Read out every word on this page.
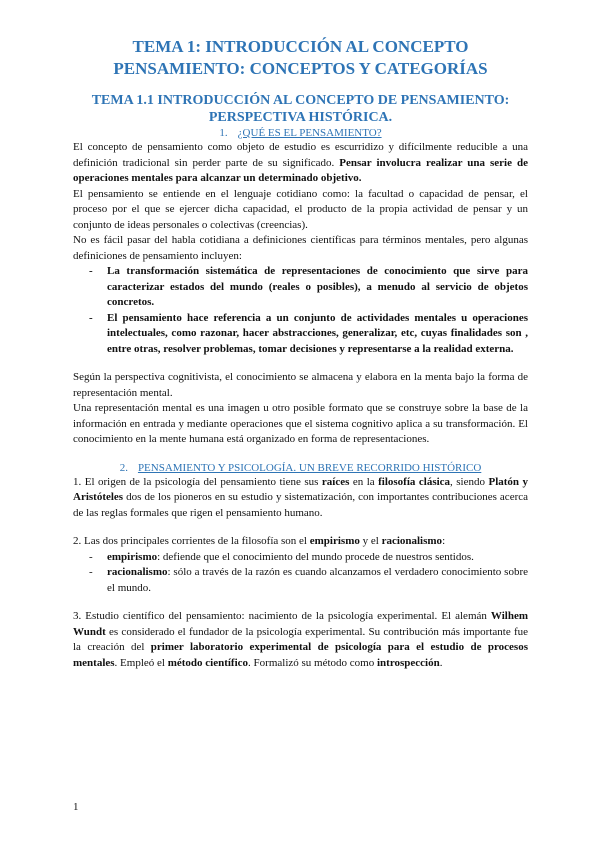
TEMA 1: INTRODUCCIÓN AL CONCEPTO PENSAMIENTO: CONCEPTOS Y CATEGORÍAS
TEMA 1.1 INTRODUCCIÓN AL CONCEPTO DE PENSAMIENTO: PERSPECTIVA HISTÓRICA.
1. ¿QUÉ ES EL PENSAMIENTO?

El concepto de pensamiento como objeto de estudio es escurridizo y difícilmente reducible a una definición tradicional sin perder parte de su significado. Pensar involucra realizar una serie de operaciones mentales para alcanzar un determinado objetivo.

El pensamiento se entiende en el lenguaje cotidiano como: la facultad o capacidad de pensar, el proceso por el que se ejercer dicha capacidad, el producto de la propia actividad de pensar y un conjunto de ideas personales o colectivas (creencias).

No es fácil pasar del habla cotidiana a definiciones científicas para términos mentales, pero algunas definiciones de pensamiento incluyen:

- La transformación sistemática de representaciones de conocimiento que sirve para caracterizar estados del mundo (reales o posibles), a menudo al servicio de objetos concretos.
- El pensamiento hace referencia a un conjunto de actividades mentales u operaciones intelectuales, como razonar, hacer abstracciones, generalizar, etc, cuyas finalidades son , entre otras, resolver problemas, tomar decisiones y representarse a la realidad externa.

Según la perspectiva cognitivista, el conocimiento se almacena y elabora en la menta bajo la forma de representación mental.

Una representación mental es una imagen u otro posible formato que se construye sobre la base de la información en entrada y mediante operaciones que el sistema cognitivo aplica a su transformación. El conocimiento en la mente humana está organizado en forma de representaciones.

2. PENSAMIENTO Y PSICOLOGÍA. UN BREVE RECORRIDO HISTÓRICO

1. El origen de la psicología del pensamiento tiene sus raíces en la filosofía clásica, siendo Platón y Aristóteles dos de los pioneros en su estudio y sistematización, con importantes contribuciones acerca de las reglas formales que rigen el pensamiento humano.

2. Las dos principales corrientes de la filosofía son el empirismo y el racionalismo:

- empirismo: defiende que el conocimiento del mundo procede de nuestros sentidos.
- racionalismo: sólo a través de la razón es cuando alcanzamos el verdadero conocimiento sobre el mundo.

3. Estudio científico del pensamiento: nacimiento de la psicología experimental. El alemán Wilhem Wundt es considerado el fundador de la psicología experimental. Su contribución más importante fue la creación del primer laboratorio experimental de psicología para el estudio de procesos mentales. Empleó el método científico. Formalizó su método como introspección.

1
